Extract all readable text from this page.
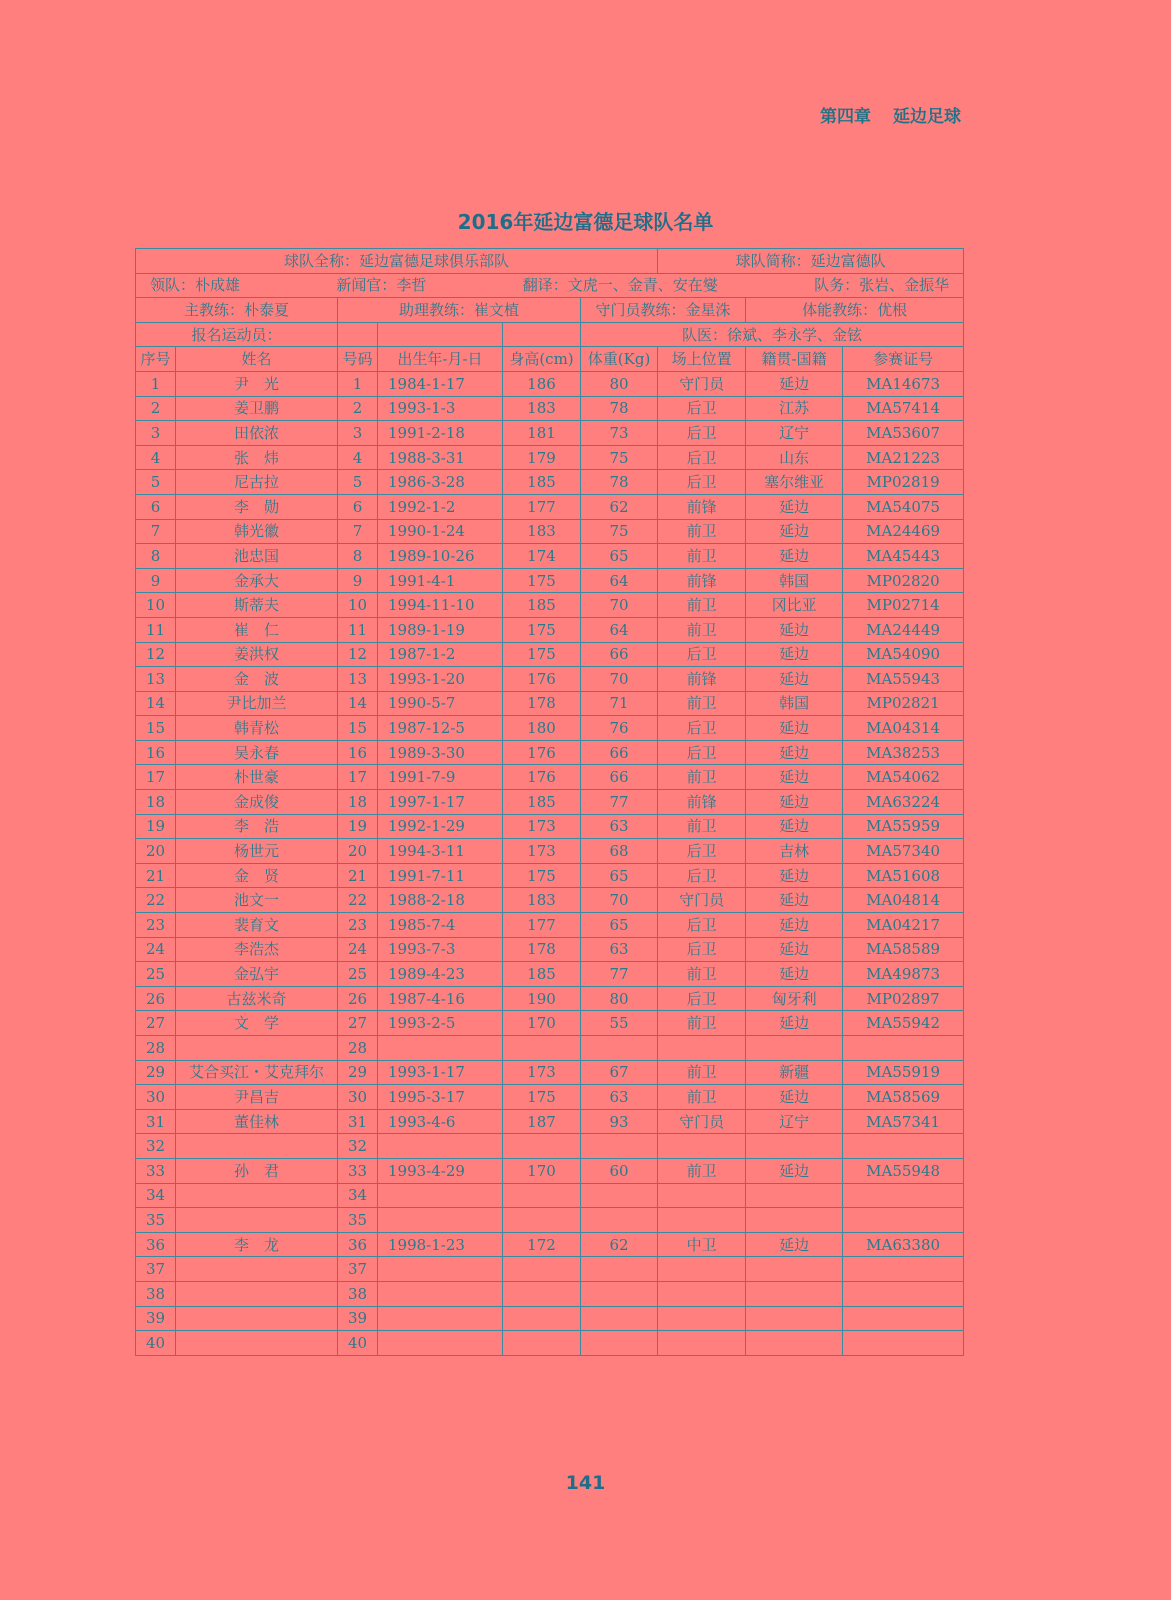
第四章 延边足球
2016年延边富德足球队名单
球队全称：延边富德足球俱乐部队						球队简称：延边富德队		

领队：朴成雄 新闻官：李哲 翻译：文虎一、金青、安在燮 队务：张岩、金振华								

主教练：朴泰夏		助理教练：崔文植			守门员教练：金星洙		体能教练：优根	
报名运动员：					队医：徐斌、李永学、金铉			
序号	姓名	号码	出生年-月-日	身高(cm)	体重(Kg)	场上位置	籍贯-国籍	参赛证号
1	尹　光	1	1984-1-17	186	80	守门员	延边	MA14673
2	姜卫鹏	2	1993-1-3	183	78	后卫	江苏	MA57414
3	田依浓	3	1991-2-18	181	73	后卫	辽宁	MA53607
4	张　炜	4	1988-3-31	179	75	后卫	山东	MA21223
5	尼古拉	5	1986-3-28	185	78	后卫	塞尔维亚	MP02819
6	李　勋	6	1992-1-2	177	62	前锋	延边	MA54075
7	韩光徽	7	1990-1-24	183	75	前卫	延边	MA24469
8	池忠国	8	1989-10-26	174	65	前卫	延边	MA45443
9	金承大	9	1991-4-1	175	64	前锋	韩国	MP02820
10	斯蒂夫	10	1994-11-10	185	70	前卫	冈比亚	MP02714
11	崔　仁	11	1989-1-19	175	64	前卫	延边	MA24449
12	姜洪权	12	1987-1-2	175	66	后卫	延边	MA54090
13	金　波	13	1993-1-20	176	70	前锋	延边	MA55943
14	尹比加兰	14	1990-5-7	178	71	前卫	韩国	MP02821
15	韩青松	15	1987-12-5	180	76	后卫	延边	MA04314
16	吴永春	16	1989-3-30	176	66	后卫	延边	MA38253
17	朴世豪	17	1991-7-9	176	66	前卫	延边	MA54062
18	金成俊	18	1997-1-17	185	77	前锋	延边	MA63224
19	李　浩	19	1992-1-29	173	63	前卫	延边	MA55959
20	杨世元	20	1994-3-11	173	68	后卫	吉林	MA57340
21	金　贤	21	1991-7-11	175	65	后卫	延边	MA51608
22	池文一	22	1988-2-18	183	70	守门员	延边	MA04814
23	裴育文	23	1985-7-4	177	65	后卫	延边	MA04217
24	李浩杰	24	1993-7-3	178	63	后卫	延边	MA58589
25	金弘宇	25	1989-4-23	185	77	前卫	延边	MA49873
26	古兹米奇	26	1987-4-16	190	80	后卫	匈牙利	MP02897
27	文　学	27	1993-2-5	170	55	前卫	延边	MA55942
28		28						
29	艾合买江・艾克拜尔	29	1993-1-17	173	67	前卫	新疆	MA55919
30	尹昌吉	30	1995-3-17	175	63	前卫	延边	MA58569
31	董佳林	31	1993-4-6	187	93	守门员	辽宁	MA57341
32		32						
33	孙　君	33	1993-4-29	170	60	前卫	延边	MA55948
34		34						
35		35						
36	李　龙	36	1998-1-23	172	62	中卫	延边	MA63380
37		37						
38		38						
39		39						
40		40						
141
